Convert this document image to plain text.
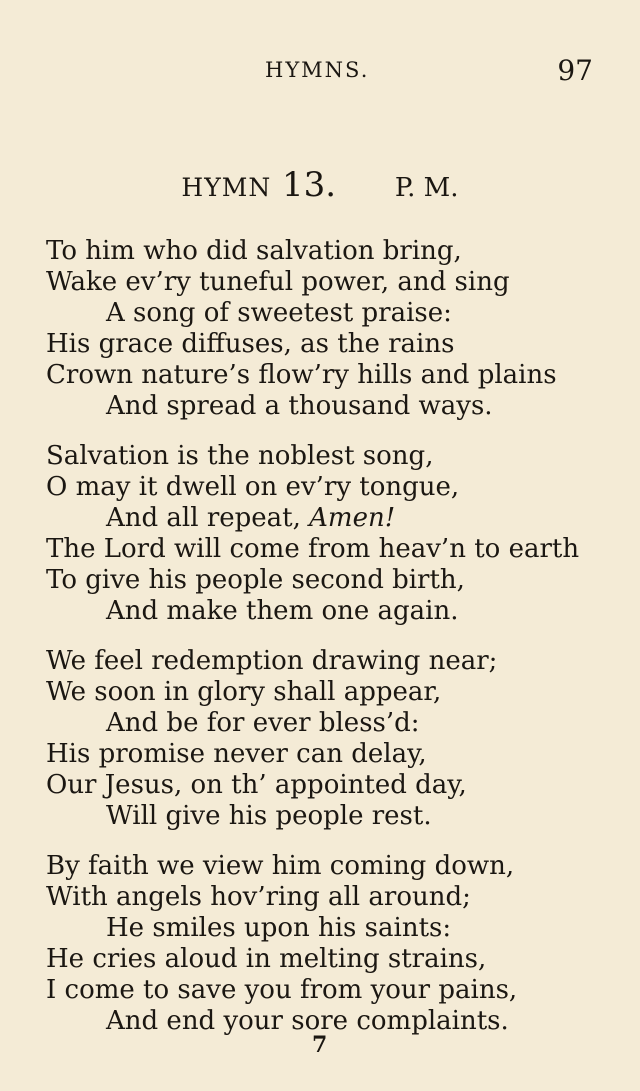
HYMNS.	97
HYMN 13. P. M.
To him who did salvation bring,
Wake ev’ry tuneful power, and sing
A song of sweetest praise:
His grace diffuses, as the rains
Crown nature’s flow’ry hills and plains
And spread a thousand ways.
Salvation is the noblest song,
O may it dwell on ev’ry tongue,
And all repeat, Amen!
The Lord will come from heav’n to earth
To give his people second birth,
And make them one again.
We feel redemption drawing near;
We soon in glory shall appear,
And be for ever bless’d:
His promise never can delay,
Our Jesus, on th’ appointed day,
Will give his people rest.
By faith we view him coming down,
With angels hov’ring all around;
He smiles upon his saints:
He cries aloud in melting strains,
I come to save you from your pains,
And end your sore complaints.
7
